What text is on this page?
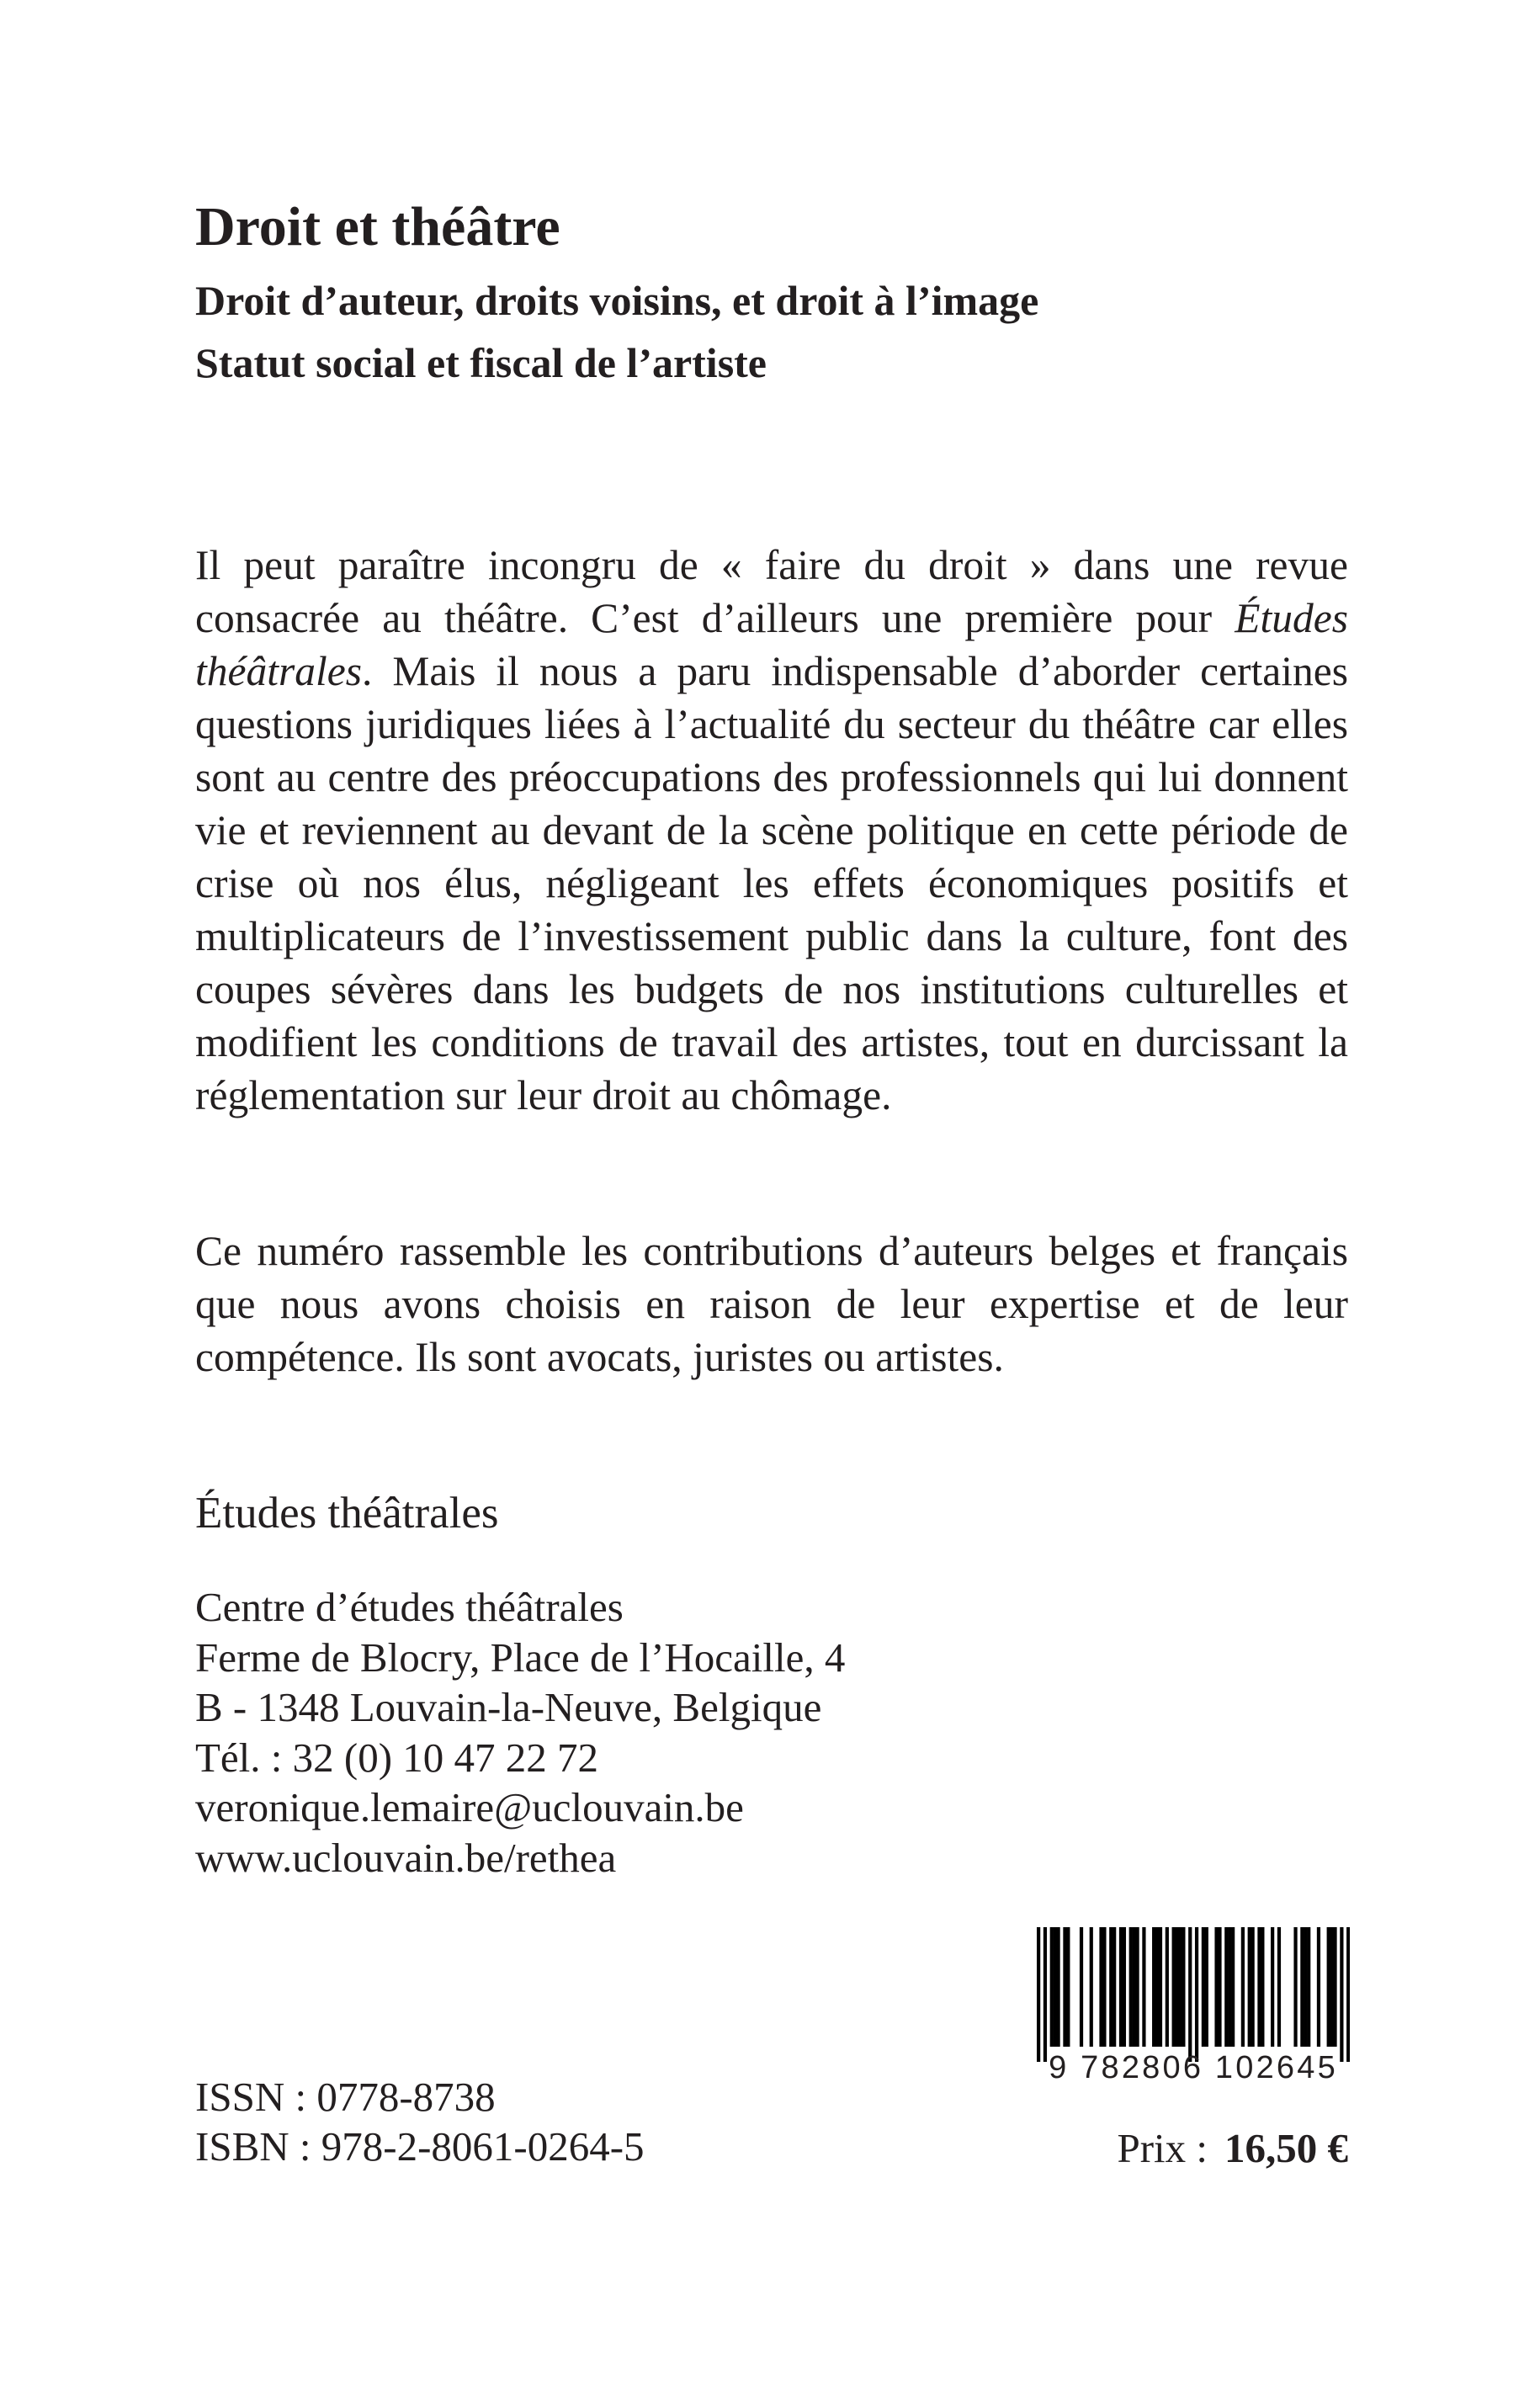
Droit et théâtre
Droit d’auteur, droits voisins, et droit à l’image
Statut social et fiscal de l’artiste

Il peut paraître incongru de « faire du droit » dans une revue consacrée au théâtre. C’est d’ailleurs une première pour Études théâtrales. Mais il nous a paru indispensable d’aborder certaines questions juridiques liées à l’actualité du secteur du théâtre car elles sont au centre des préoccupations des professionnels qui lui donnent vie et reviennent au devant de la scène politique en cette période de crise où nos élus, négligeant les effets économiques positifs et multiplicateurs de l’investissement public dans la culture, font des coupes sévères dans les budgets de nos institutions culturelles et modifient les conditions de travail des artistes, tout en durcissant la réglementation sur leur droit au chômage.

Ce numéro rassemble les contributions d’auteurs belges et français que nous avons choisis en raison de leur expertise et de leur compétence. Ils sont avocats, juristes ou artistes.

Études théâtrales

Centre d’études théâtrales
Ferme de Blocry, Place de l’Hocaille, 4
B - 1348 Louvain-la-Neuve, Belgique
Tél. : 32 (0) 10 47 22 72
veronique.lemaire@uclouvain.be
www.uclouvain.be/rethea

9 782806 102645

ISSN : 0778-8738
ISBN : 978-2-8061-0264-5	Prix : 16,50 €
